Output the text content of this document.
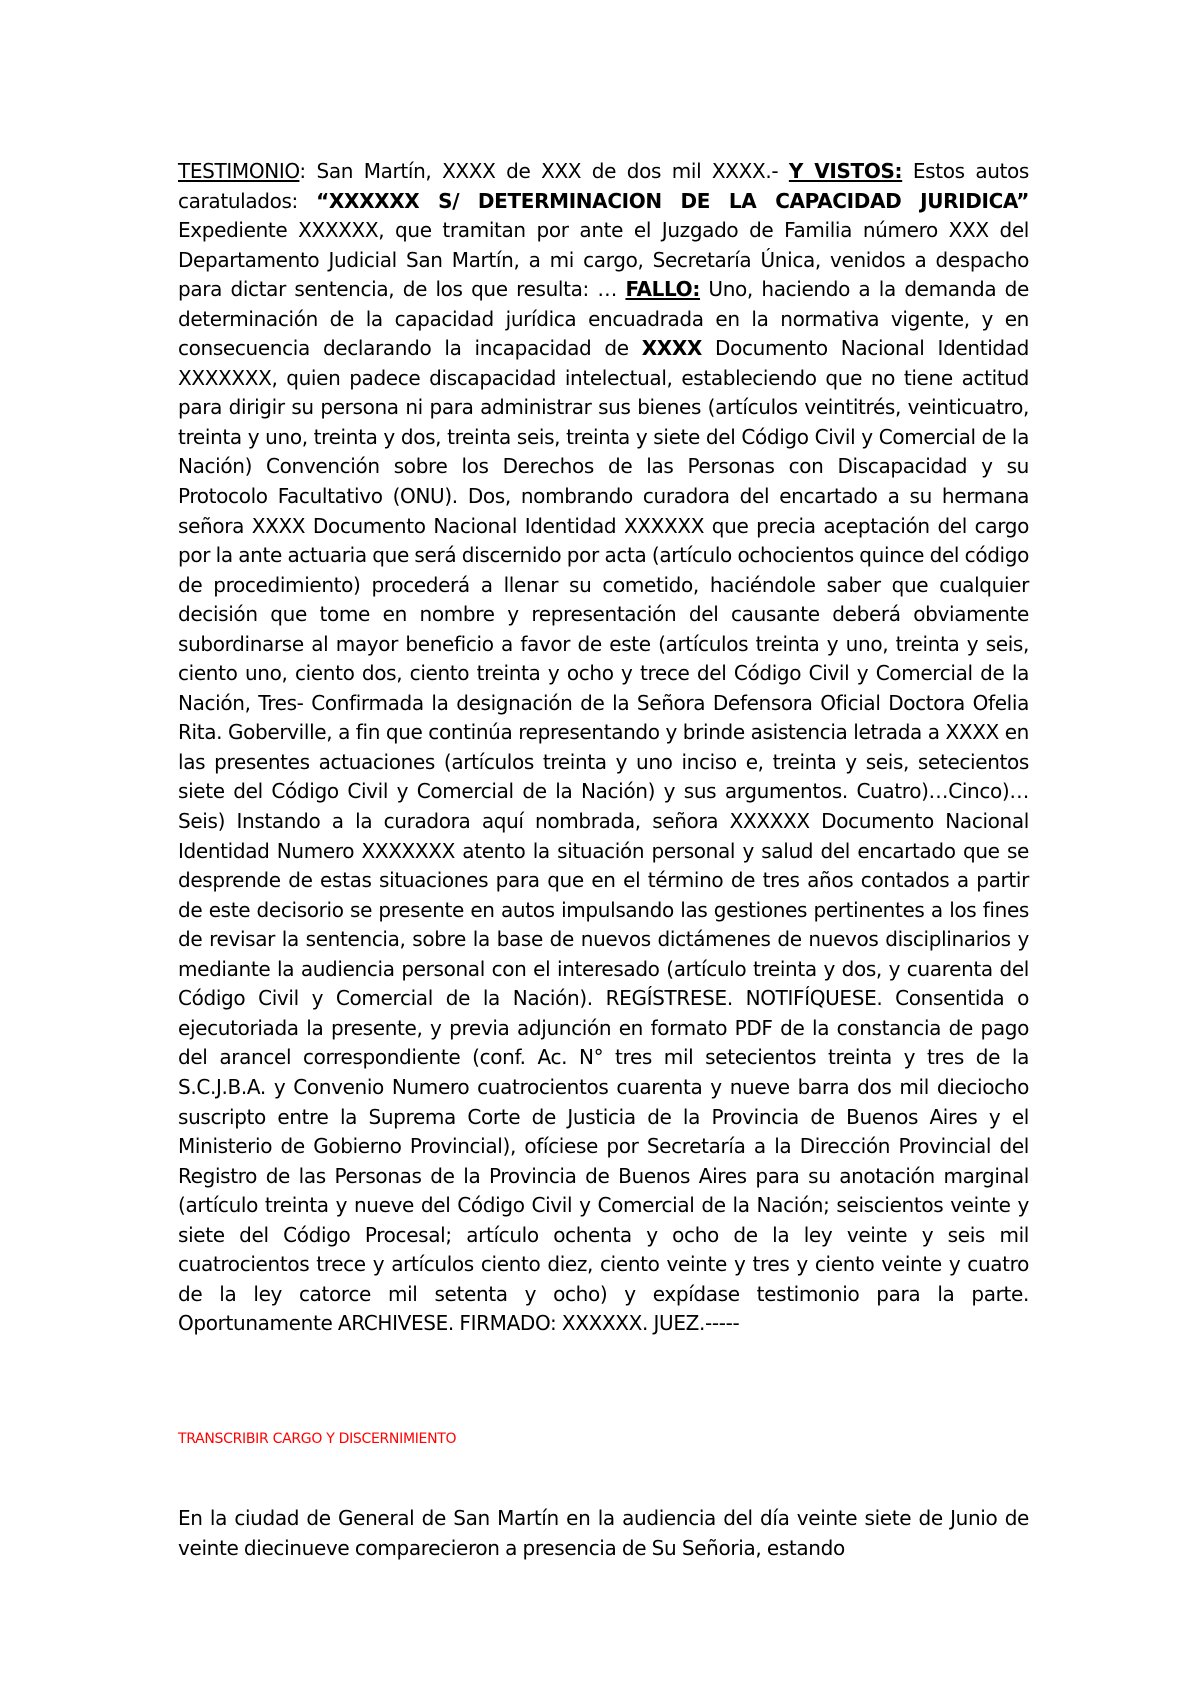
TESTIMONIO: San Martín, XXXX de XXX de dos mil XXXX.- Y VISTOS: Estos autos caratulados: “XXXXXX S/ DETERMINACION DE LA CAPACIDAD JURIDICA” Expediente XXXXXX, que tramitan por ante el Juzgado de Familia número XXX del Departamento Judicial San Martín, a mi cargo, Secretaría Única, venidos a despacho para dictar sentencia, de los que resulta: … FALLO: Uno, haciendo a la demanda de determinación de la capacidad jurídica encuadrada en la normativa vigente, y en consecuencia declarando la incapacidad de XXXX Documento Nacional Identidad XXXXXXX, quien padece discapacidad intelectual, estableciendo que no tiene actitud para dirigir su persona ni para administrar sus bienes (artículos veintitrés, veinticuatro, treinta y uno, treinta y dos, treinta seis, treinta y siete del Código Civil y Comercial de la Nación) Convención sobre los Derechos de las Personas con Discapacidad y su Protocolo Facultativo (ONU). Dos, nombrando curadora del encartado a su hermana señora XXXX Documento Nacional Identidad XXXXXX que precia aceptación del cargo por la ante actuaria que será discernido por acta (artículo ochocientos quince del código de procedimiento) procederá a llenar su cometido, haciéndole saber que cualquier decisión que tome en nombre y representación del causante deberá obviamente subordinarse al mayor beneficio a favor de este (artículos treinta y uno, treinta y seis, ciento uno, ciento dos, ciento treinta y ocho y trece del Código Civil y Comercial de la Nación, Tres- Confirmada la designación de la Señora Defensora Oficial Doctora Ofelia Rita. Goberville, a fin que continúa representando y brinde asistencia letrada a XXXX en las presentes actuaciones (artículos treinta y uno inciso e, treinta y seis, setecientos siete del Código Civil y Comercial de la Nación) y sus argumentos. Cuatro)…Cinco)…Seis) Instando a la curadora aquí nombrada, señora XXXXXX Documento Nacional Identidad Numero XXXXXXX atento la situación personal y salud del encartado que se desprende de estas situaciones para que en el término de tres años contados a partir de este decisorio se presente en autos impulsando las gestiones pertinentes a los fines de revisar la sentencia, sobre la base de nuevos dictámenes de nuevos disciplinarios y mediante la audiencia personal con el interesado (artículo treinta y dos, y cuarenta del Código Civil y Comercial de la Nación). REGÍSTRESE. NOTIFÍQUESE. Consentida o ejecutoriada la presente, y previa adjunción en formato PDF de la constancia de pago del arancel correspondiente (conf. Ac. N° tres mil setecientos treinta y tres de la S.C.J.B.A. y Convenio Numero cuatrocientos cuarenta y nueve barra dos mil dieciocho suscripto entre la Suprema Corte de Justicia de la Provincia de Buenos Aires y el Ministerio de Gobierno Provincial), ofíciese por Secretaría a la Dirección Provincial del Registro de las Personas de la Provincia de Buenos Aires para su anotación marginal (artículo treinta y nueve del Código Civil y Comercial de la Nación; seiscientos veinte y siete del Código Procesal; artículo ochenta y ocho de la ley veinte y seis mil cuatrocientos trece y artículos ciento diez, ciento veinte y tres y ciento veinte y cuatro de la ley catorce mil setenta y ocho) y expídase testimonio para la parte. Oportunamente ARCHIVESE. FIRMADO: XXXXXX. JUEZ.-----
TRANSCRIBIR CARGO Y DISCERNIMIENTO
En la ciudad de General de San Martín en la audiencia del día veinte siete de Junio de veinte diecinueve comparecieron a presencia de Su Señoria, estando
